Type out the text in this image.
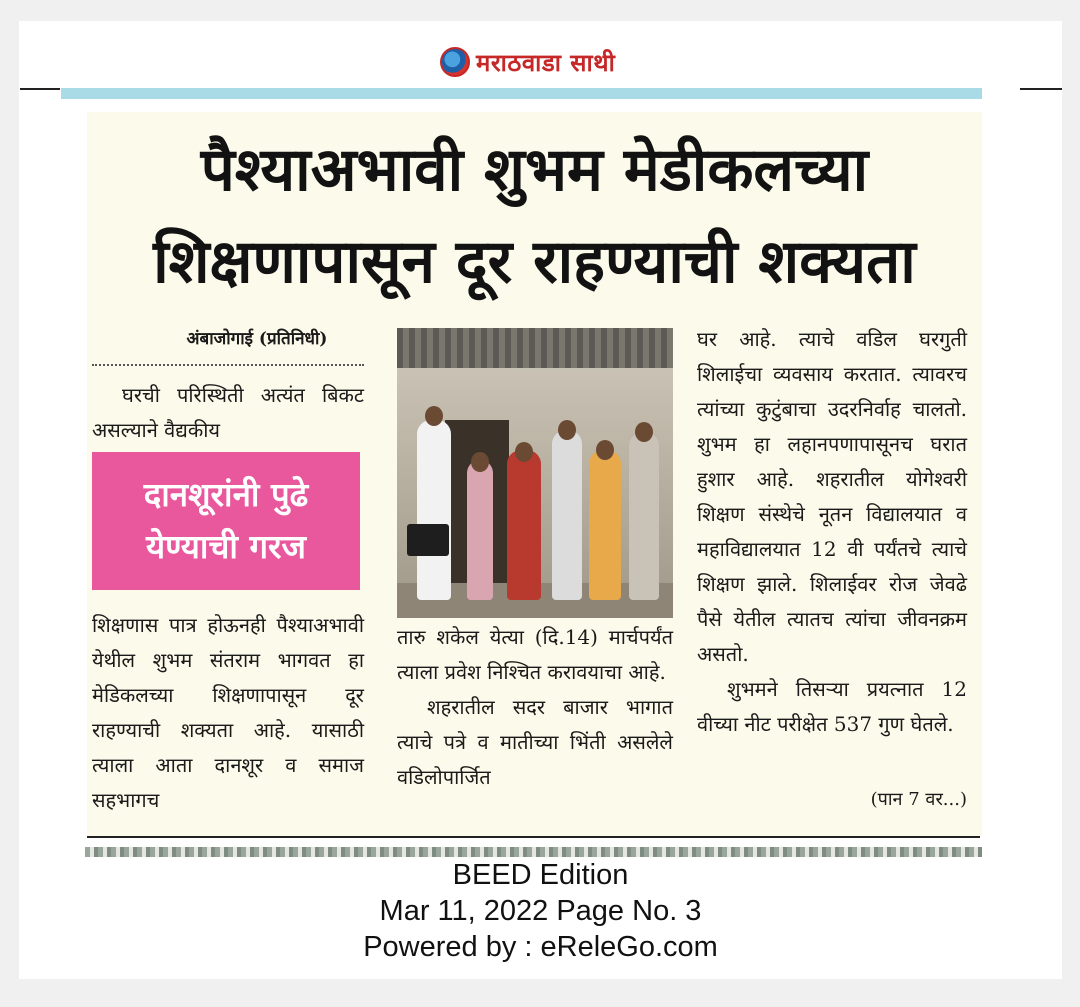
मराठवाडा साथी
पैश्याअभावी शुभम मेडीकलच्या
शिक्षणापासून दूर राहण्याची शक्यता
अंबाजोगाई (प्रतिनिधी)

घरची परिस्थिती अत्यंत बिकट असल्याने वैद्यकीय

दानशूरांनी पुढे
येण्याची गरज

शिक्षणास पात्र होऊनही पैश्याअभावी येथील शुभम संतराम भागवत हा मेडिकलच्या शिक्षणापासून दूर राहण्याची शक्यता आहे. यासाठी त्याला आता दानशूर व समाज सहभागच

तारु शकेल येत्या (दि.14) मार्चपर्यंत त्याला प्रवेश निश्चित करावयाचा आहे.

शहरातील सदर बाजार भागात त्याचे पत्रे व मातीच्या भिंती असलेले वडिलोपार्जित

घर आहे. त्याचे वडिल घरगुती शिलाईचा व्यवसाय करतात. त्यावरच त्यांच्या कुटुंबाचा उदरनिर्वाह चालतो. शुभम हा लहानपणापासूनच घरात हुशार आहे. शहरातील योगेश्वरी शिक्षण संस्थेचे नूतन विद्यालयात व महाविद्यालयात 12 वी पर्यंतचे त्याचे शिक्षण झाले. शिलाईवर रोज जेवढे पैसे येतील त्यातच त्यांचा जीवनक्रम असतो.

शुभमने तिसऱ्या प्रयत्नात 12 वीच्या नीट परीक्षेत 537 गुण घेतले.

(पान 7 वर...)
BEED Edition
Mar 11, 2022 Page No. 3
Powered by : eReleGo.com
